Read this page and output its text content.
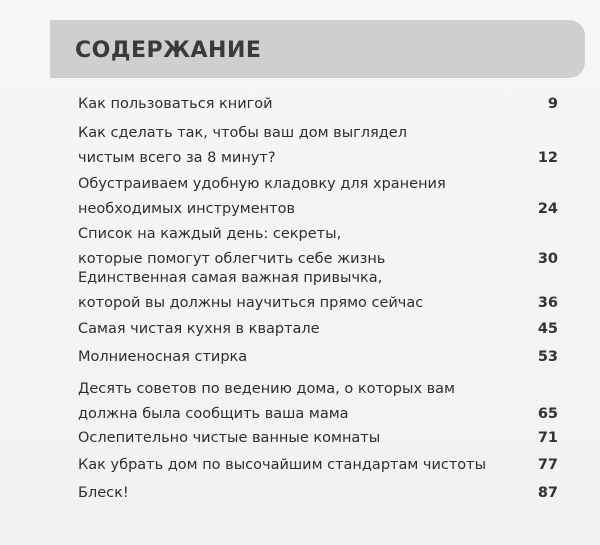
СОДЕРЖАНИЕ
Как пользоваться книгой	9
Как сделать так, чтобы ваш дом выглядел
чистым всего за 8 минут?	12
Обустраиваем удобную кладовку для хранения
необходимых инструментов	24
Список на каждый день: секреты,
которые помогут облегчить себе жизнь	30
Единственная самая важная привычка,
которой вы должны научиться прямо сейчас	36
Самая чистая кухня в квартале	45
Молниеносная стирка	53
Десять советов по ведению дома, о которых вам
должна была сообщить ваша мама	65
Ослепительно чистые ванные комнаты	71
Как убрать дом по высочайшим стандартам чистоты	77
Блеск!	87
